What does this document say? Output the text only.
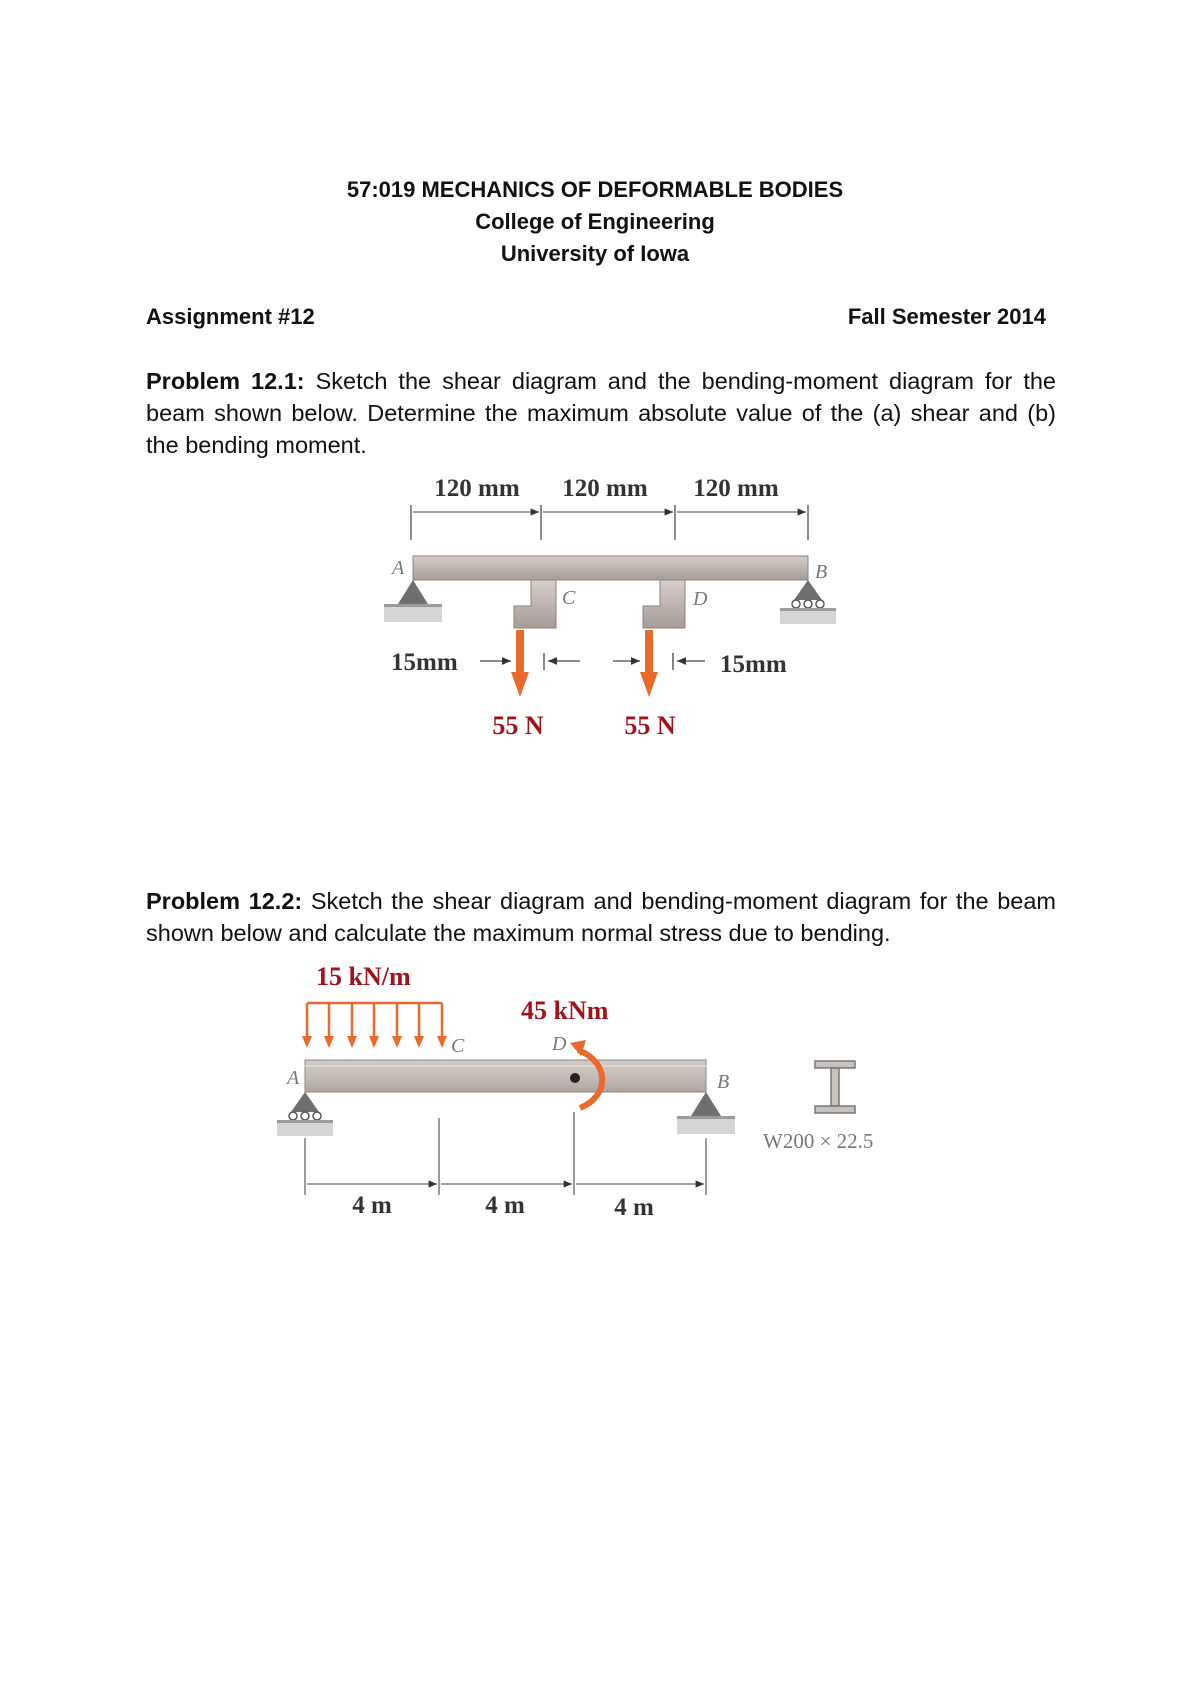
57:019 MECHANICS OF DEFORMABLE BODIES
College of Engineering
University of Iowa
Assignment #12	Fall Semester 2014
Problem 12.1: Sketch the shear diagram and the bending-moment diagram for the beam shown below. Determine the maximum absolute value of the (a) shear and (b) the bending moment.
Problem 12.2: Sketch the shear diagram and bending-moment diagram for the beam shown below and calculate the maximum normal stress due to bending.
120 mm 120 mm 120 mm
A	B
C	D
15mm	15mm
55 N	55 N
15 kN/m
45 kNm
A
C	D
B
4 m	4 m	4 m
W200 × 22.5
